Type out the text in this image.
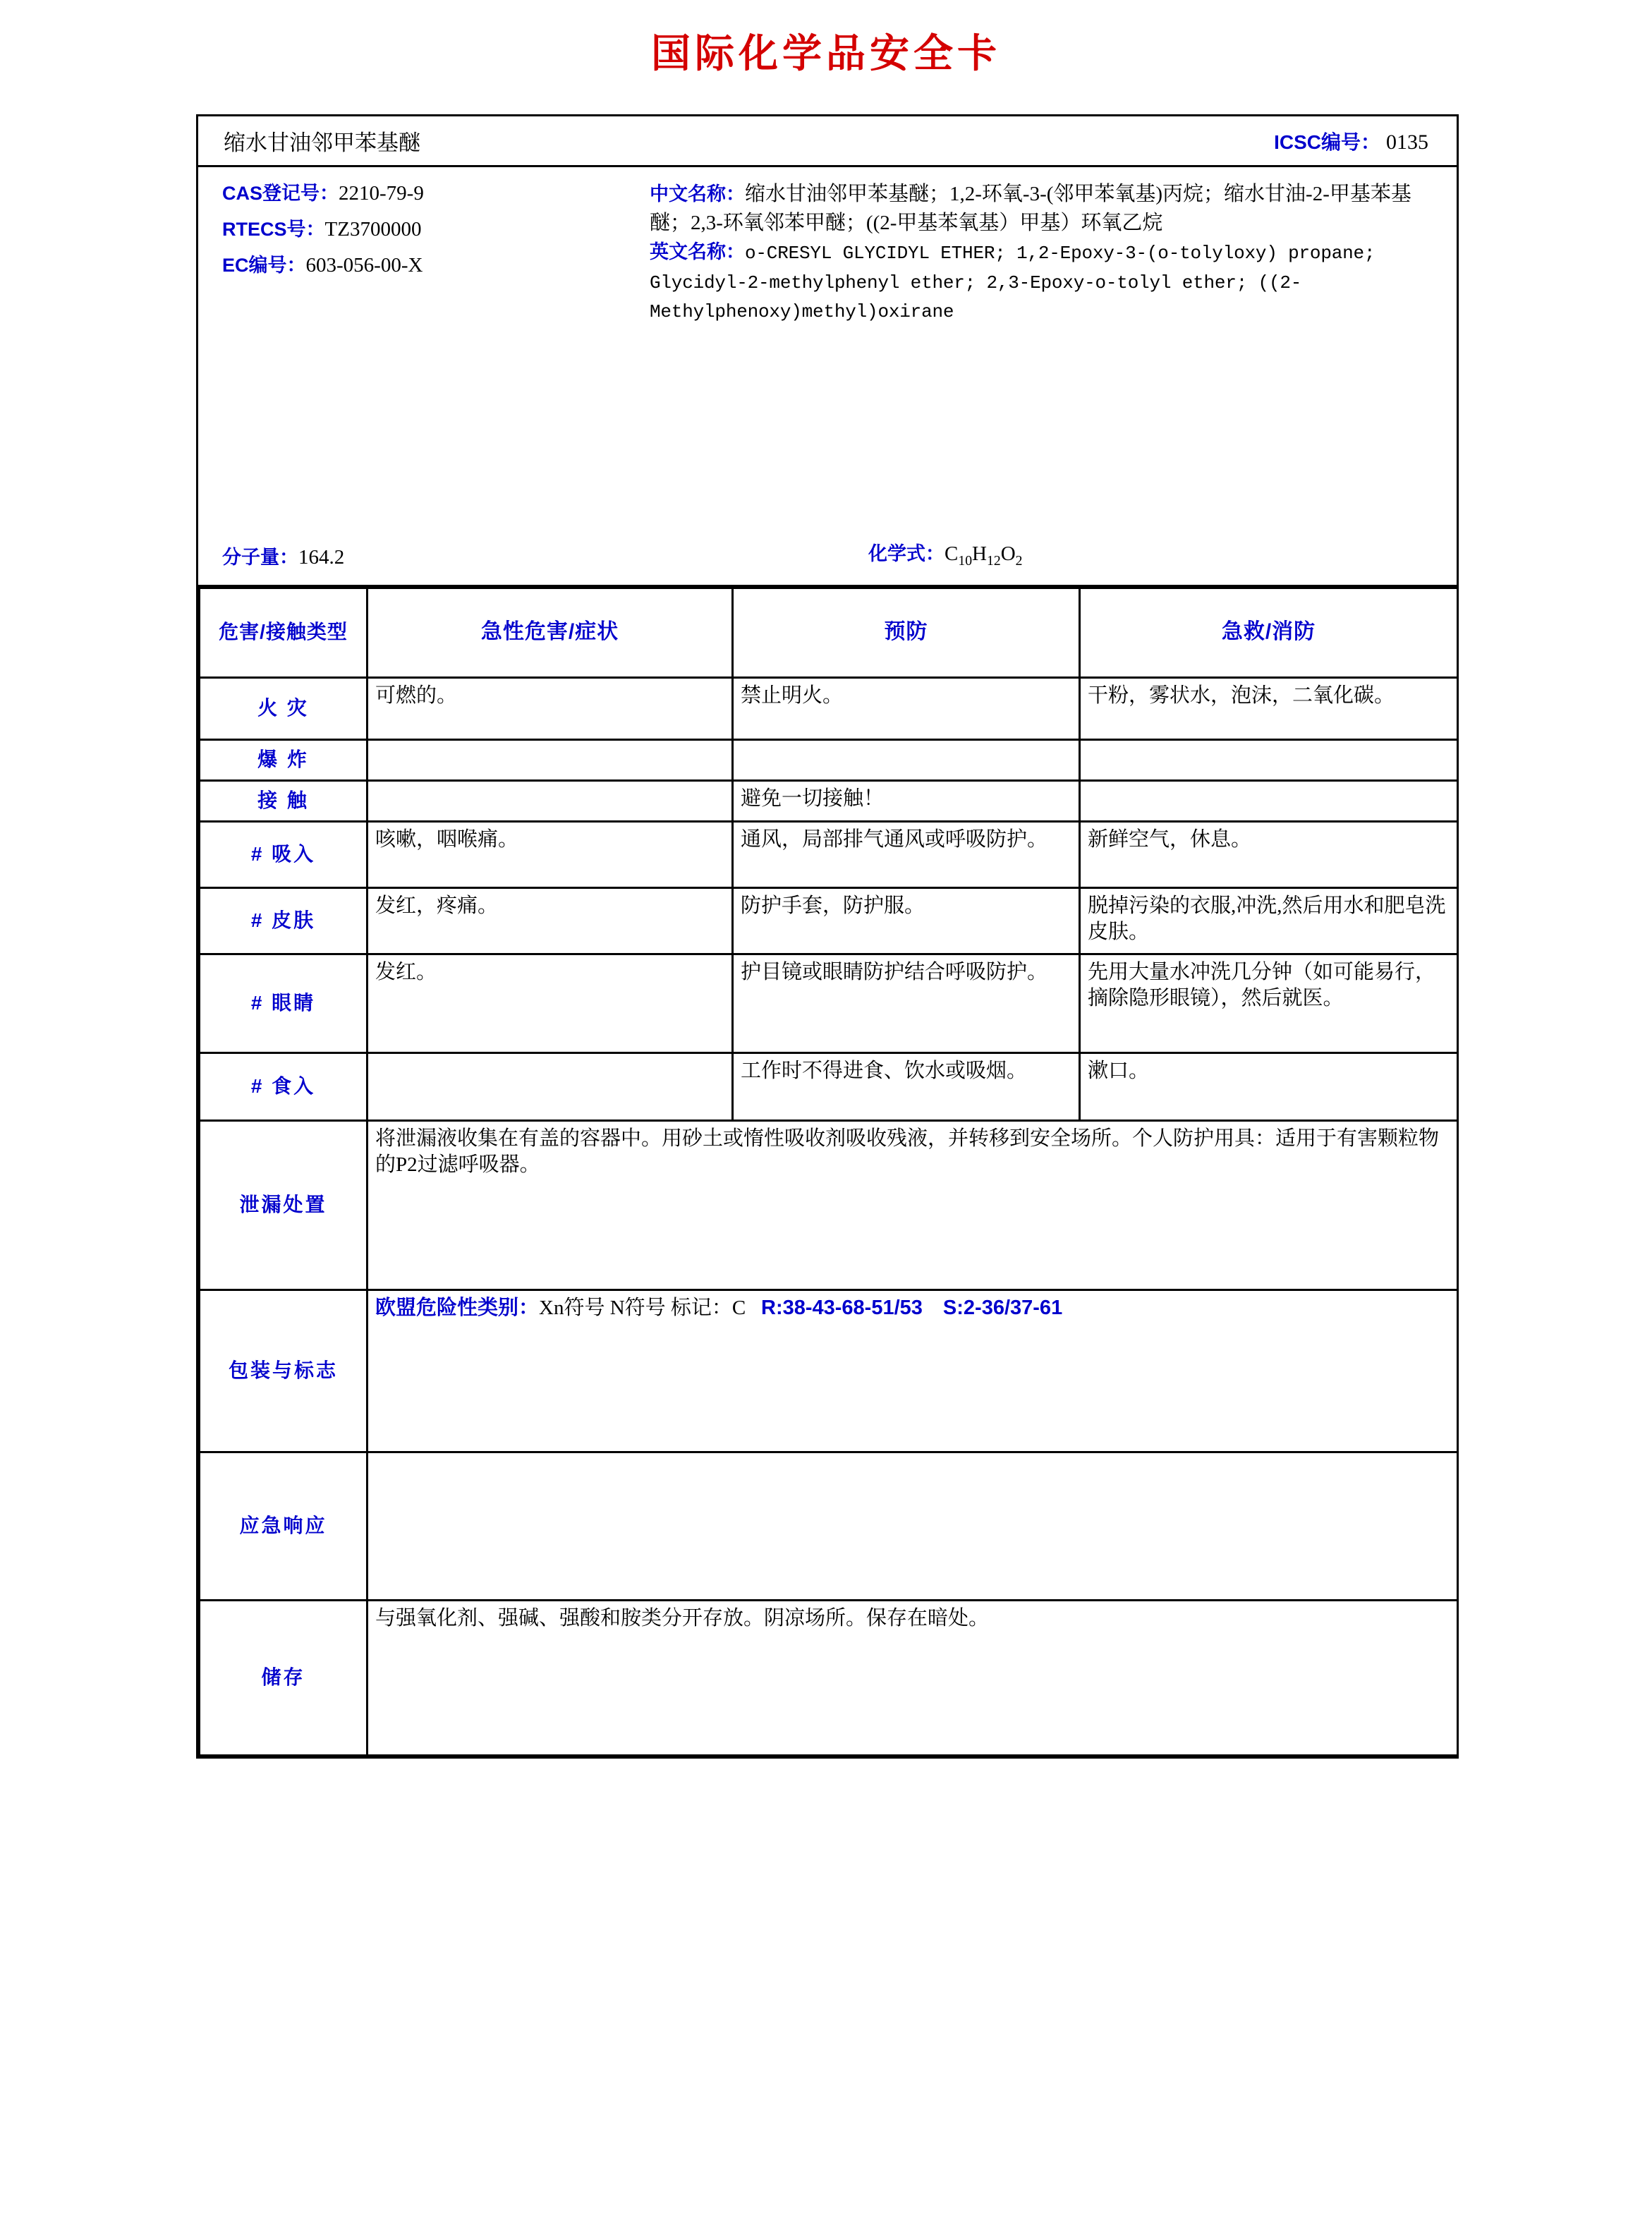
国际化学品安全卡
缩水甘油邻甲苯基醚	ICSC编号： 0135
CAS登记号：2210-79-9
RTECS号：TZ3700000
EC编号：603-056-00-X
分子量：164.2
中文名称：缩水甘油邻甲苯基醚；1,2-环氧-3-(邻甲苯氧基)丙烷；缩水甘油-2-甲基苯基醚；2,3-环氧邻苯甲醚；((2-甲基苯氧基）甲基）环氧乙烷
英文名称：o-CRESYL GLYCIDYL ETHER; 1,2-Epoxy-3-(o-tolyloxy) propane; Glycidyl-2-methylphenyl ether; 2,3-Epoxy-o-tolyl ether; ((2-Methylphenoxy)methyl)oxirane
化学式：$C_{10}H_{12}O_2$
危害/接触类型	急性危害/症状	预防	急救/消防
火 灾	可燃的。	禁止明火。	干粉，雾状水，泡沫，二氧化碳。
爆 炸			
接 触		避免一切接触！	
# 吸入	咳嗽，咽喉痛。	通风，局部排气通风或呼吸防护。	新鲜空气，休息。
# 皮肤	发红，疼痛。	防护手套，防护服。	脱掉污染的衣服,冲洗,然后用水和肥皂洗皮肤。
# 眼睛	发红。	护目镜或眼睛防护结合呼吸防护。	先用大量水冲洗几分钟（如可能易行，摘除隐形眼镜），然后就医。
# 食入		工作时不得进食、饮水或吸烟。	漱口。
泄漏处置	将泄漏液收集在有盖的容器中。用砂土或惰性吸收剂吸收残液，并转移到安全场所。个人防护用具：适用于有害颗粒物的P2过滤呼吸器。		
包装与标志	欧盟危险性类别：Xn符号 N符号 标记：C R:38-43-68-51/53 S:2-36/37-61		
应急响应			
储存	与强氧化剂、强碱、强酸和胺类分开存放。阴凉场所。保存在暗处。		
